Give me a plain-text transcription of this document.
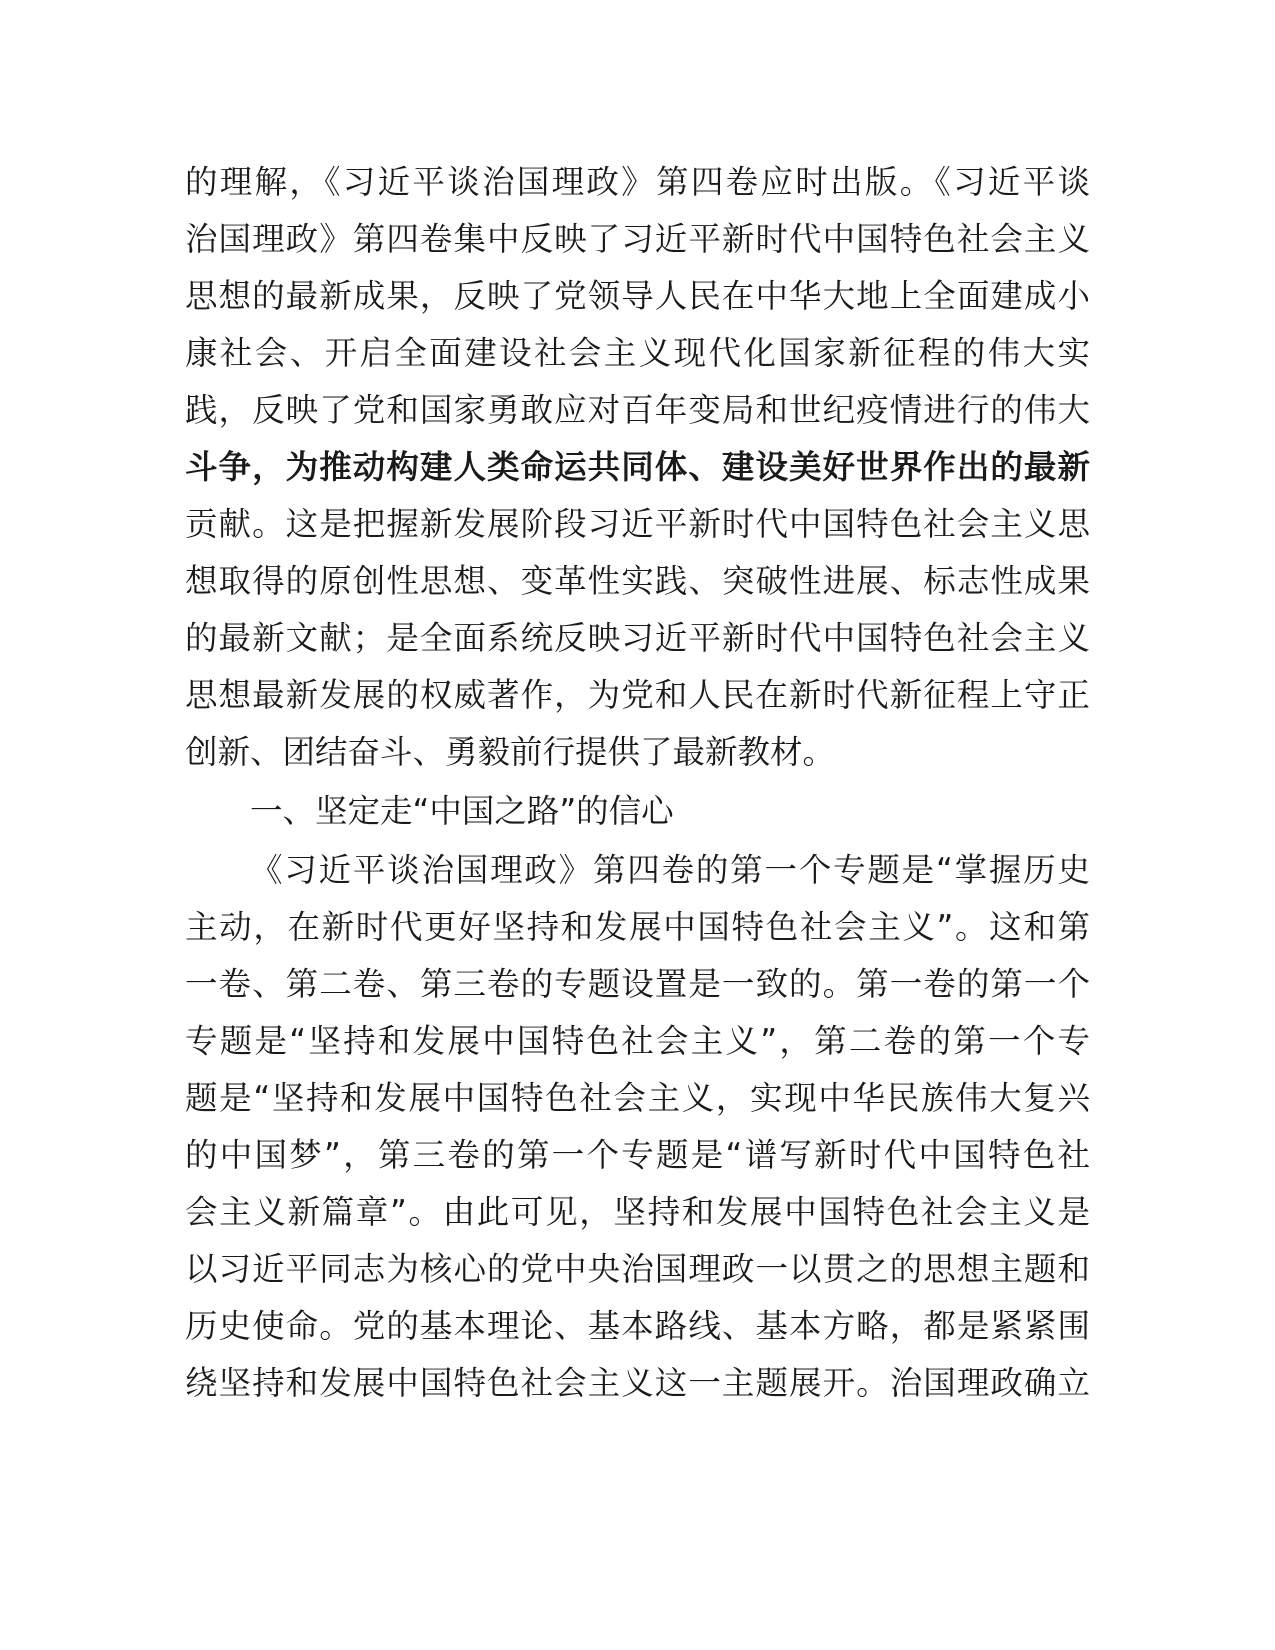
的理解，《习近平谈治国理政》第四卷应时出版。《习近平谈
治国理政》第四卷集中反映了习近平新时代中国特色社会主义
思想的最新成果，反映了党领导人民在中华大地上全面建成小
康社会、开启全面建设社会主义现代化国家新征程的伟大实
践，反映了党和国家勇敢应对百年变局和世纪疫情进行的伟大
斗争，为推动构建人类命运共同体、建设美好世界作出的最新
贡献。这是把握新发展阶段习近平新时代中国特色社会主义思
想取得的原创性思想、变革性实践、突破性进展、标志性成果
的最新文献；是全面系统反映习近平新时代中国特色社会主义
思想最新发展的权威著作，为党和人民在新时代新征程上守正
创新、团结奋斗、勇毅前行提供了最新教材。
一、坚定走“中国之路”的信心
《习近平谈治国理政》第四卷的第一个专题是“掌握历史
主动，在新时代更好坚持和发展中国特色社会主义”。这和第
一卷、第二卷、第三卷的专题设置是一致的。第一卷的第一个
专题是“坚持和发展中国特色社会主义”，第二卷的第一个专
题是“坚持和发展中国特色社会主义，实现中华民族伟大复兴
的中国梦”，第三卷的第一个专题是“谱写新时代中国特色社
会主义新篇章”。由此可见，坚持和发展中国特色社会主义是
以习近平同志为核心的党中央治国理政一以贯之的思想主题和
历史使命。党的基本理论、基本路线、基本方略，都是紧紧围
绕坚持和发展中国特色社会主义这一主题展开。治国理政确立
